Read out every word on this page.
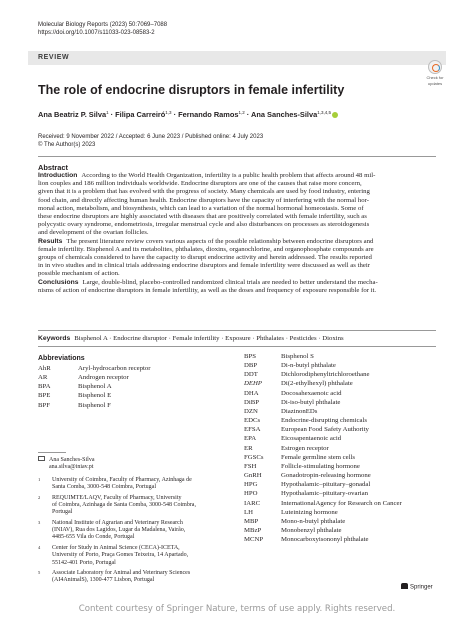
Molecular Biology Reports (2023) 50:7069–7088
https://doi.org/10.1007/s11033-023-08583-2
REVIEW
Check for
updates
The role of endocrine disruptors in female infertility
Ana Beatriz P. Silva$^1$ · Filipa Carreiró$^{1,3}$ · Fernando Ramos$^{1,2}$ · Ana Sanches-Silva$^{1,3,4,5}$
Received: 9 November 2022 / Accepted: 6 June 2023 / Published online: 4 July 2023
© The Author(s) 2023
Abstract

Introduction According to the World Health Organization, infertility is a public health problem that affects around 48 mil-
lion couples and 186 million individuals worldwide. Endocrine disruptors are one of the causes that raise more concern,
given that it is a problem that has evolved with the progress of society. Many chemicals are used by food industry, entering
food chain, and directly affecting human health. Endocrine disruptors have the capacity of interfering with the normal hor-
monal action, metabolism, and biosynthesis, which can lead to a variation of the normal hormonal homeostasis. Some of
these endocrine disruptors are highly associated with diseases that are positively correlated with female infertility, such as
polycystic ovary syndrome, endometriosis, irregular menstrual cycle and also disturbances on processes as steroidogenesis
and development of the ovarian follicles.

Results The present literature review covers various aspects of the possible relationship between endocrine disruptors and
female infertility. Bisphenol A and its metabolites, phthalates, dioxins, organochlorine, and organophosphate compounds are
groups of chemicals considered to have the capacity to disrupt endocrine activity and herein addressed. The results reported
in in vivo studies and in clinical trials addressing endocrine disruptors and female infertility were discussed as well as their
possible mechanism of action.

Conclusions Large, double-blind, placebo-controlled randomized clinical trials are needed to better understand the mecha-
nisms of action of endocrine disruptors in female infertility, as well as the doses and frequency of exposure responsible for it.

Keywords Bisphenol A · Endocrine disruptor · Female infertility · Exposure · Phthalates · Pesticides · Dioxins
Abbreviations
AhR	Aryl-hydrocarbon receptor
AR	Androgen receptor
BPA	Bisphenol A
BPE	Bisphenol E
BPF	Bisphenol F
BPS	Bisphenol S
DBP	Di-n-butyl phthalate
DDT	Dichlorodiphenyltrichloroethane
DEHP	Di(2-ethylhexyl) phthalate
DHA	Docosahexaenoic acid
DiBP	Di-iso-butyl phthalate
DZN	DiazinonEDs
EDCs	Endocrine-disrupting chemicals
EFSA	European Food Safety Authority
EPA	Eicosapentaenoic acid
ER	Estrogen receptor
FGSCs	Female germline stem cells
FSH	Follicle-stimulating hormone
GnRH	Gonadotropin-releasing hormone
HPG	Hypothalamic–pituitary–gonadal
HPO	Hypothalamic–pituitary-ovarian
IARC	InternationalAgency for Research on Cancer
LH	Luteinizing hormone
MBP	Mono-n-butyl phthalate
MBzP	Monobenzyl phthalate
MCNP	Monocarboxyisononyl phthalate
Ana Sanches-Silva
ana.silva@iniav.pt
1	University of Coimbra, Faculty of Pharmacy, Azinhaga de
Santa Comba, 3000-548 Coimbra, Portugal
2	REQUIMTE/LAQV, Faculty of Pharmacy, University
of Coimbra, Azinhaga de Santa Comba, 3000-548 Coimbra,
Portugal
3	National Institute of Agrarian and Veterinary Research
(INIAV), Rua dos Lagidos, Lugar da Madalena, Vairão,
4485-655 Vila do Conde, Portugal
4	Center for Study in Animal Science (CECA)-ICETA,
University of Porto, Praça Gomes Teixeira, 14 Apartado,
55142-401 Porto, Portugal
5	Associate Laboratory for Animal and Veterinary Sciences
(AI4AnimalS), 1300-477 Lisbon, Portugal
Springer
Content courtesy of Springer Nature, terms of use apply. Rights reserved.
